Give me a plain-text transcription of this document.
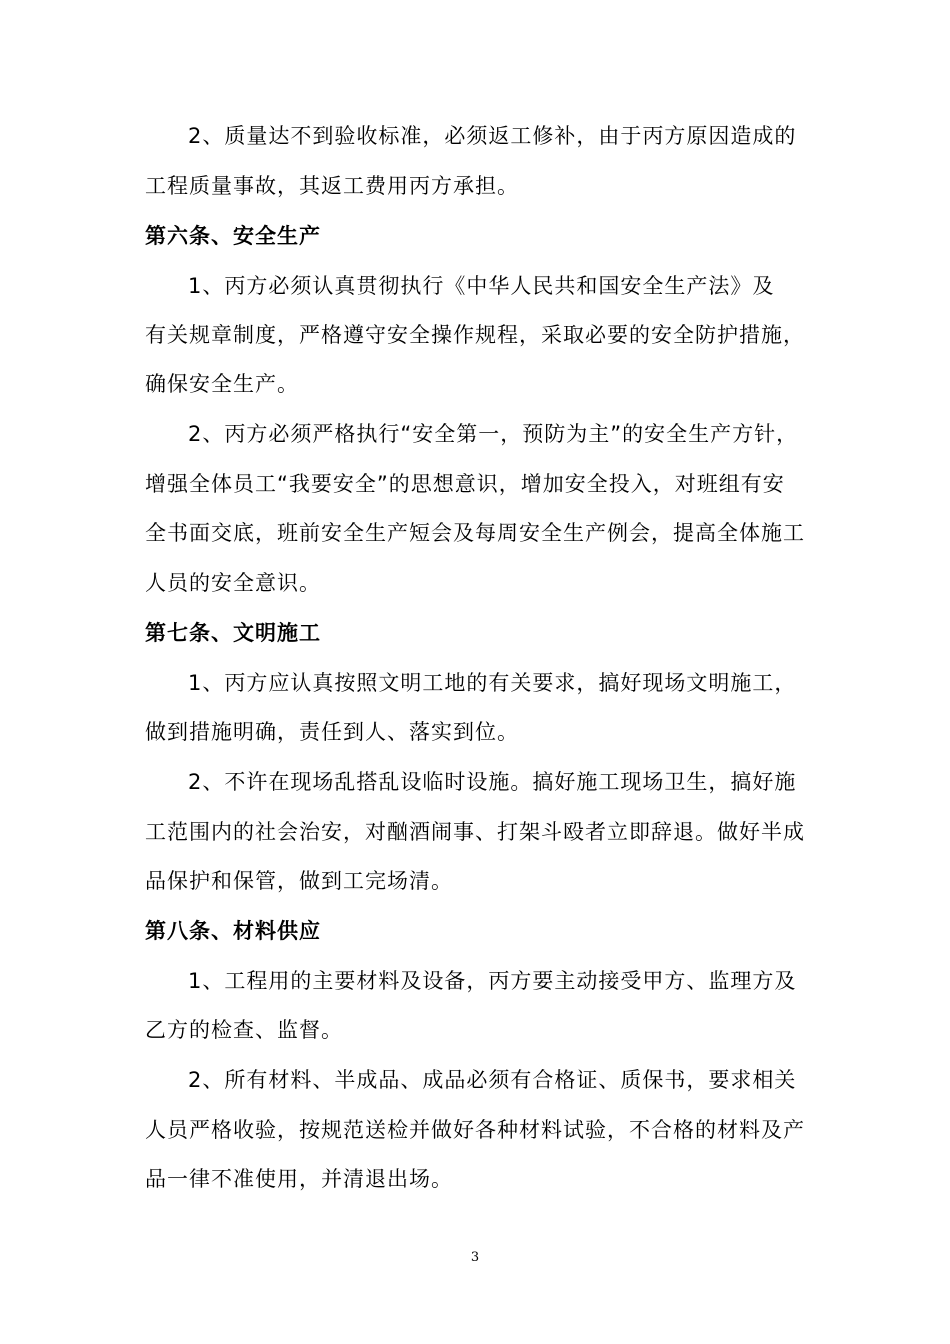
2、质量达不到验收标准，必须返工修补，由于丙方原因造成的
工程质量事故，其返工费用丙方承担。
第六条、安全生产
1、丙方必须认真贯彻执行《中华人民共和国安全生产法》及
有关规章制度，严格遵守安全操作规程，采取必要的安全防护措施，
确保安全生产。
2、丙方必须严格执行“安全第一，预防为主”的安全生产方针，
增强全体员工“我要安全”的思想意识，增加安全投入，对班组有安
全书面交底，班前安全生产短会及每周安全生产例会，提高全体施工
人员的安全意识。
第七条、文明施工
1、丙方应认真按照文明工地的有关要求，搞好现场文明施工，
做到措施明确，责任到人、落实到位。
2、不许在现场乱搭乱设临时设施。搞好施工现场卫生，搞好施
工范围内的社会治安，对酗酒闹事、打架斗殴者立即辞退。做好半成
品保护和保管，做到工完场清。
第八条、材料供应
1、工程用的主要材料及设备，丙方要主动接受甲方、监理方及
乙方的检查、监督。
2、所有材料、半成品、成品必须有合格证、质保书，要求相关
人员严格收验，按规范送检并做好各种材料试验，不合格的材料及产
品一律不准使用，并清退出场。
3
